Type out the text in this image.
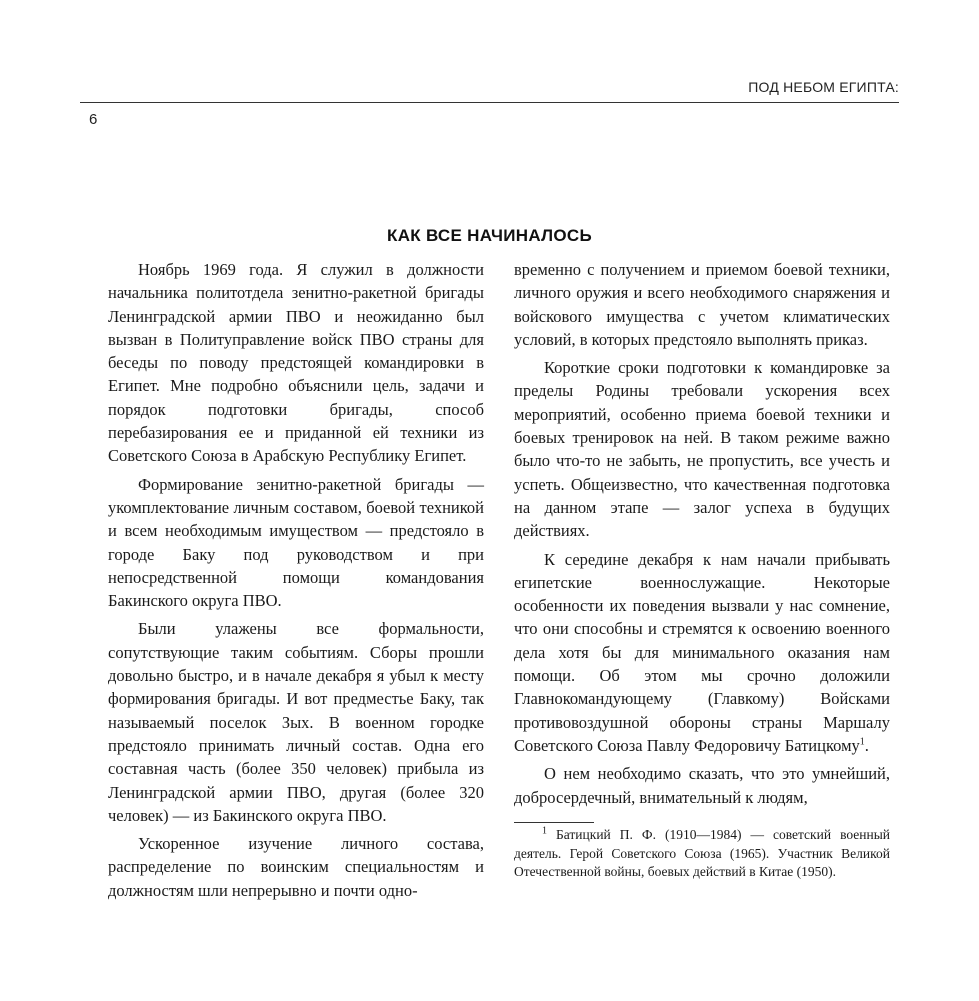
ПОД НЕБОМ ЕГИПТА:
6
КАК ВСЕ НАЧИНАЛОСЬ

Ноябрь 1969 года. Я служил в должности начальника политотдела зенитно-ракетной бригады Ленинградской армии ПВО и неожиданно был вызван в Политуправление войск ПВО страны для беседы по поводу предстоящей командировки в Египет. Мне подробно объяснили цель, задачи и порядок подготовки бригады, способ перебазирования ее и приданной ей техники из Советского Союза в Арабскую Республику Египет.

Формирование зенитно-ракетной бригады — укомплектование личным составом, боевой техникой и всем необходимым имуществом — предстояло в городе Баку под руководством и при непосредственной помощи командования Бакинского округа ПВО.

Были улажены все формальности, сопутствующие таким событиям. Сборы прошли довольно быстро, и в начале декабря я убыл к месту формирования бригады. И вот предместье Баку, так называемый поселок Зых. В военном городке предстояло принимать личный состав. Одна его составная часть (более 350 человек) прибыла из Ленинградской армии ПВО, другая (более 320 человек) — из Бакинского округа ПВО.

Ускоренное изучение личного состава, распределение по воинским специальностям и должностям шли непрерывно и почти одно-

временно с получением и приемом боевой техники, личного оружия и всего необходимого снаряжения и войскового имущества с учетом климатических условий, в которых предстояло выполнять приказ.

Короткие сроки подготовки к командировке за пределы Родины требовали ускорения всех мероприятий, особенно приема боевой техники и боевых тренировок на ней. В таком режиме важно было что-то не забыть, не пропустить, все учесть и успеть. Общеизвестно, что качественная подготовка на данном этапе — залог успеха в будущих действиях.

К середине декабря к нам начали прибывать египетские военнослужащие. Некоторые особенности их поведения вызвали у нас сомнение, что они способны и стремятся к освоению военного дела хотя бы для минимального оказания нам помощи. Об этом мы срочно доложили Главнокомандующему (Главкому) Войсками противовоздушной обороны страны Маршалу Советского Союза Павлу Федоровичу Батицкому$^1$.

О нем необходимо сказать, что это умнейший, добросердечный, внимательный к людям,

$^1$ Батицкий П. Ф. (1910—1984) — советский военный деятель. Герой Советского Союза (1965). Участник Великой Отечественной войны, боевых действий в Китае (1950).
